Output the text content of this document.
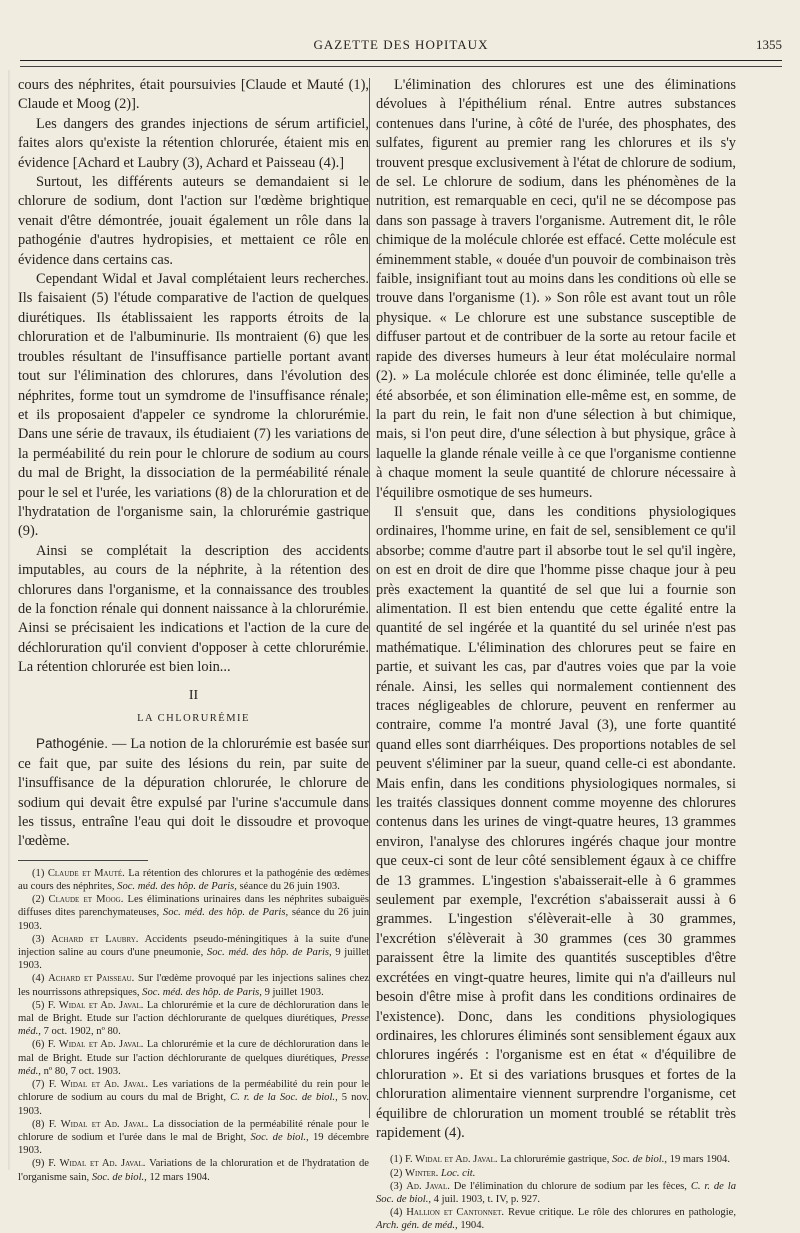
GAZETTE DES HOPITAUX	1355

cours des néphrites, était poursuivies [Claude et Mauté (1), Claude et Moog (2)].

Les dangers des grandes injections de sérum artificiel, faites alors qu'existe la rétention chlorurée, étaient mis en évidence [Achard et Laubry (3), Achard et Paisseau (4).]

Surtout, les différents auteurs se demandaient si le chlorure de sodium, dont l'action sur l'œdème brightique venait d'être démontrée, jouait également un rôle dans la pathogénie d'autres hydropisies, et mettaient ce rôle en évidence dans certains cas.

Cependant Widal et Javal complétaient leurs recherches. Ils faisaient (5) l'étude comparative de l'action de quelques diurétiques. Ils établissaient les rapports étroits de la chloruration et de l'albuminurie. Ils montraient (6) que les troubles résultant de l'insuffisance partielle portant avant tout sur l'élimination des chlorures, dans l'évolution des néphrites, forme tout un symdrome de l'insuffisance rénale; et ils proposaient d'appeler ce syndrome la chlorurémie. Dans une série de travaux, ils étudiaient (7) les variations de la perméabilité du rein pour le chlorure de sodium au cours du mal de Bright, la dissociation de la perméabilité rénale pour le sel et l'urée, les variations (8) de la chloruration et de l'hydratation de l'organisme sain, la chlorurémie gastrique (9).

Ainsi se complétait la description des accidents imputables, au cours de la néphrite, à la rétention des chlorures dans l'organisme, et la connaissance des troubles de la fonction rénale qui donnent naissance à la chlorurémie. Ainsi se précisaient les indications et l'action de la cure de déchloruration qu'il convient d'opposer à cette chlorurémie. La rétention chlorurée est bien loin...

II
LA CHLORURÉMIE

Pathogénie. — La notion de la chlorurémie est basée sur ce fait que, par suite des lésions du rein, par suite de l'insuffisance de la dépuration chlorurée, le chlorure de sodium qui devait être expulsé par l'urine s'accumule dans les tissus, entraîne l'eau qui doit le dissoudre et provoque l'œdème.

(1) Claude et Mauté. La rétention des chlorures et la pathogénie des œdèmes au cours des néphrites, Soc. méd. des hôp. de Paris, séance du 26 juin 1903.

(2) Claude et Moog. Les éliminations urinaires dans les néphrites subaiguës diffuses dites parenchymateuses, Soc. méd. des hôp. de Paris, séance du 26 juin 1903.

(3) Achard et Laubry. Accidents pseudo-méningitiques à la suite d'une injection saline au cours d'une pneumonie, Soc. méd. des hôp. de Paris, 9 juillet 1903.

(4) Achard et Paisseau. Sur l'œdème provoqué par les injections salines chez les nourrissons athrepsiques, Soc. méd. des hôp. de Paris, 9 juillet 1903.

(5) F. Widal et Ad. Javal. La chlorurémie et la cure de déchloruration dans le mal de Bright. Etude sur l'action déchlorurante de quelques diurétiques, Presse méd., 7 oct. 1902, nº 80.

(6) F. Widal et Ad. Javal. La chlorurémie et la cure de déchloruration dans le mal de Bright. Etude sur l'action déchlorurante de quelques diurétiques, Presse méd., nº 80, 7 oct. 1903.

(7) F. Widal et Ad. Javal. Les variations de la perméabilité du rein pour le chlorure de sodium au cours du mal de Bright, C. r. de la Soc. de biol., 5 nov. 1903.

(8) F. Widal et Ad. Javal. La dissociation de la perméabilité rénale pour le chlorure de sodium et l'urée dans le mal de Bright, Soc. de biol., 19 décembre 1903.

(9) F. Widal et Ad. Javal. Variations de la chloruration et de l'hydratation de l'organisme sain, Soc. de biol., 12 mars 1904.

L'élimination des chlorures est une des éliminations dévolues à l'épithélium rénal. Entre autres substances contenues dans l'urine, à côté de l'urée, des phosphates, des sulfates, figurent au premier rang les chlorures et ils s'y trouvent presque exclusivement à l'état de chlorure de sodium, de sel. Le chlorure de sodium, dans les phénomènes de la nutrition, est remarquable en ceci, qu'il ne se décompose pas dans son passage à travers l'organisme. Autrement dit, le rôle chimique de la molécule chlorée est effacé. Cette molécule est éminemment stable, « douée d'un pouvoir de combinaison très faible, insignifiant tout au moins dans les conditions où elle se trouve dans l'organisme (1). » Son rôle est avant tout un rôle physique. « Le chlorure est une substance susceptible de diffuser partout et de contribuer de la sorte au retour facile et rapide des diverses humeurs à leur état moléculaire normal (2). » La molécule chlorée est donc éliminée, telle qu'elle a été absorbée, et son élimination elle-même est, en somme, de la part du rein, le fait non d'une sélection à but chimique, mais, si l'on peut dire, d'une sélection à but physique, grâce à laquelle la glande rénale veille à ce que l'organisme contienne à chaque moment la seule quantité de chlorure nécessaire à l'équilibre osmotique de ses humeurs.

Il s'ensuit que, dans les conditions physiologiques ordinaires, l'homme urine, en fait de sel, sensiblement ce qu'il absorbe; comme d'autre part il absorbe tout le sel qu'il ingère, on est en droit de dire que l'homme pisse chaque jour à peu près exactement la quantité de sel que lui a fournie son alimentation. Il est bien entendu que cette égalité entre la quantité de sel ingérée et la quantité du sel urinée n'est pas mathématique. L'élimination des chlorures peut se faire en partie, et suivant les cas, par d'autres voies que par la voie rénale. Ainsi, les selles qui normalement contiennent des traces négligeables de chlorure, peuvent en renfermer au contraire, comme l'a montré Javal (3), une forte quantité quand elles sont diarrhéiques. Des proportions notables de sel peuvent s'éliminer par la sueur, quand celle-ci est abondante. Mais enfin, dans les conditions physiologiques normales, si les traités classiques donnent comme moyenne des chlorures contenus dans les urines de vingt-quatre heures, 13 grammes environ, l'analyse des chlorures ingérés chaque jour montre que ceux-ci sont de leur côté sensiblement égaux à ce chiffre de 13 grammes. L'ingestion s'abaisserait-elle à 6 grammes seulement par exemple, l'excrétion s'abaisserait aussi à 6 grammes. L'ingestion s'élèverait-elle à 30 grammes, l'excrétion s'élèverait à 30 grammes (ces 30 grammes paraissent être la limite des quantités susceptibles d'être excrétées en vingt-quatre heures, limite qui n'a d'ailleurs nul besoin d'être mise à profit dans les conditions ordinaires de l'existence). Donc, dans les conditions physiologiques ordinaires, les chlorures éliminés sont sensiblement égaux aux chlorures ingérés : l'organisme est en état « d'équilibre de chloruration ». Et si des variations brusques et fortes de la chloruration alimentaire viennent surprendre l'organisme, cet équilibre de chloruration un moment troublé se rétablit très rapidement (4).

(1) F. Widal et Ad. Javal. La chlorurémie gastrique, Soc. de biol., 19 mars 1904.

(2) Winter. Loc. cit.

(3) Ad. Javal. De l'élimination du chlorure de sodium par les fèces, C. r. de la Soc. de biol., 4 juil. 1903, t. IV, p. 927.

(4) Hallion et Cantonnet. Revue critique. Le rôle des chlorures en pathologie, Arch. gén. de méd., 1904.
